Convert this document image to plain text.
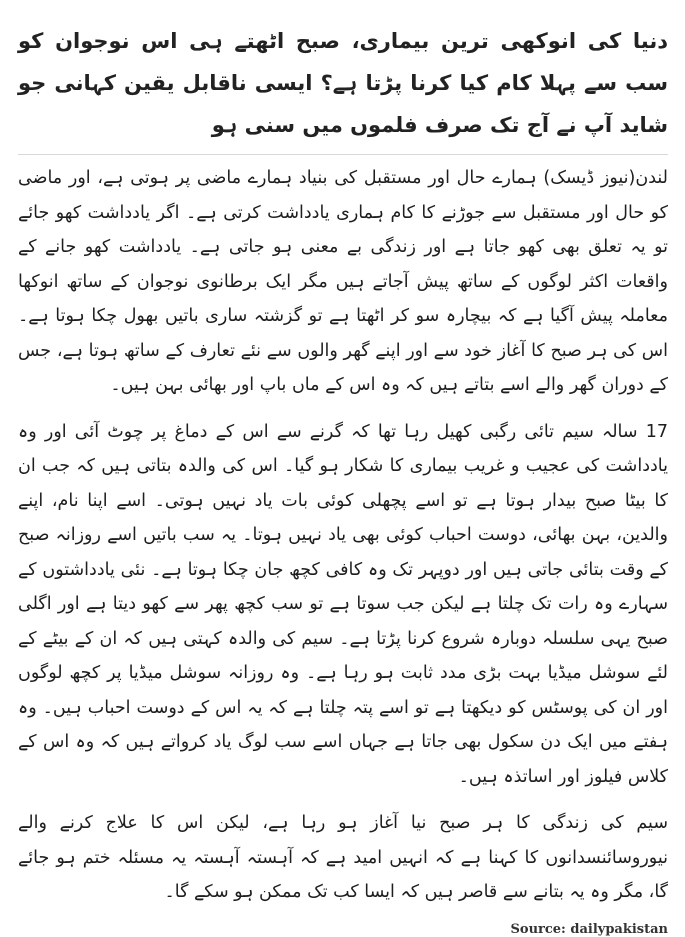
دنیا کی انوکھی ترین بیماری، صبح اٹھتے ہی اس نوجوان کو سب سے پہلا کام کیا کرنا پڑتا ہے؟ ایسی ناقابل یقین کہانی جو شاید آپ نے آج تک صرف فلموں میں سنی ہو

لندن(نیوز ڈیسک) ہمارے حال اور مستقبل کی بنیاد ہمارے ماضی پر ہوتی ہے، اور ماضی کو حال اور مستقبل سے جوڑنے کا کام ہماری یادداشت کرتی ہے۔ اگر یادداشت کھو جائے تو یہ تعلق بھی کھو جاتا ہے اور زندگی بے معنی ہو جاتی ہے۔ یادداشت کھو جانے کے واقعات اکثر لوگوں کے ساتھ پیش آجاتے ہیں مگر ایک برطانوی نوجوان کے ساتھ انوکھا معاملہ پیش آگیا ہے کہ بیچارہ سو کر اٹھتا ہے تو گزشتہ ساری باتیں بھول چکا ہوتا ہے۔ اس کی ہر صبح کا آغاز خود سے اور اپنے گھر والوں سے نئے تعارف کے ساتھ ہوتا ہے، جس کے دوران گھر والے اسے بتاتے ہیں کہ وہ اس کے ماں باپ اور بھائی بہن ہیں۔

17 سالہ سیم تائی رگبی کھیل رہا تھا کہ گرنے سے اس کے دماغ پر چوٹ آئی اور وہ یادداشت کی عجیب و غریب بیماری کا شکار ہو گیا۔ اس کی والدہ بتاتی ہیں کہ جب ان کا بیٹا صبح بیدار ہوتا ہے تو اسے پچھلی کوئی بات یاد نہیں ہوتی۔ اسے اپنا نام، اپنے والدین، بہن بھائی، دوست احباب کوئی بھی یاد نہیں ہوتا۔ یہ سب باتیں اسے روزانہ صبح کے وقت بتائی جاتی ہیں اور دوپہر تک وہ کافی کچھ جان چکا ہوتا ہے۔ نئی یادداشتوں کے سہارے وہ رات تک چلتا ہے لیکن جب سوتا ہے تو سب کچھ پھر سے کھو دیتا ہے اور اگلی صبح یہی سلسلہ دوبارہ شروع کرنا پڑتا ہے۔ سیم کی والدہ کہتی ہیں کہ ان کے بیٹے کے لئے سوشل میڈیا بہت بڑی مدد ثابت ہو رہا ہے۔ وہ روزانہ سوشل میڈیا پر کچھ لوگوں اور ان کی پوسٹس کو دیکھتا ہے تو اسے پتہ چلتا ہے کہ یہ اس کے دوست احباب ہیں۔ وہ ہفتے میں ایک دن سکول بھی جاتا ہے جہاں اسے سب لوگ یاد کرواتے ہیں کہ وہ اس کے کلاس فیلوز اور اساتذہ ہیں۔

سیم کی زندگی کا ہر صبح نیا آغاز ہو رہا ہے، لیکن اس کا علاج کرنے والے نیوروسائنسدانوں کا کہنا ہے کہ انہیں امید ہے کہ آہستہ آہستہ یہ مسئلہ ختم ہو جائے گا، مگر وہ یہ بتانے سے قاصر ہیں کہ ایسا کب تک ممکن ہو سکے گا۔

Source: dailypakistan
